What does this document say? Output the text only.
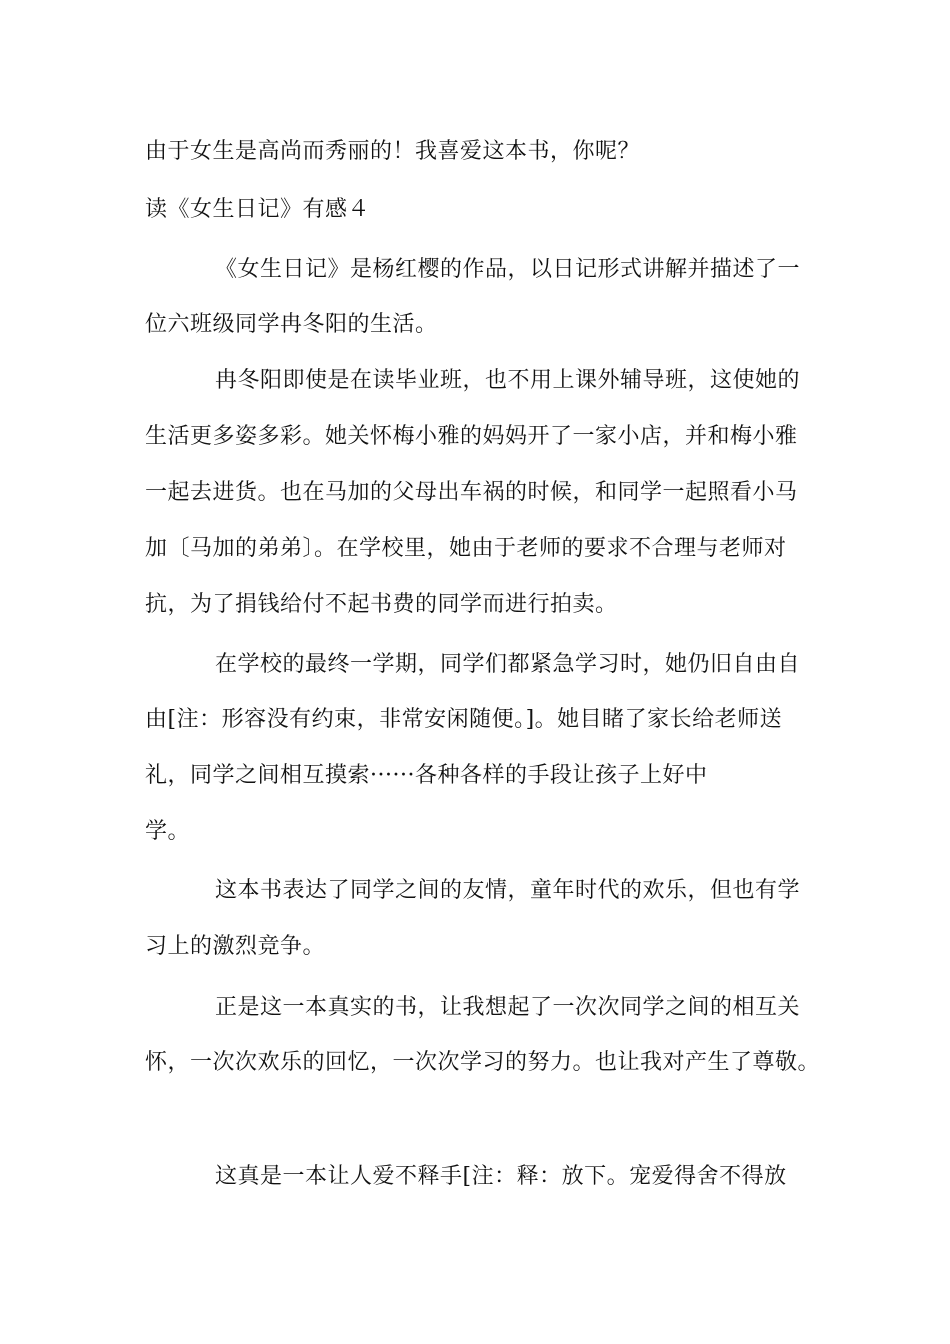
由于女生是高尚而秀丽的！我喜爱这本书，你呢？
读《女生日记》有感４
《女生日记》是杨红樱的作品，以日记形式讲解并描述了一
位六班级同学冉冬阳的生活。
冉冬阳即使是在读毕业班，也不用上课外辅导班，这使她的
生活更多姿多彩。她关怀梅小雅的妈妈开了一家小店，并和梅小雅
一起去进货。也在马加的父母出车祸的时候，和同学一起照看小马
加〔马加的弟弟〕。在学校里，她由于老师的要求不合理与老师对
抗，为了捐钱给付不起书费的同学而进行拍卖。
在学校的最终一学期，同学们都紧急学习时，她仍旧自由自
由[注：形容没有约束，非常安闲随便。]。她目睹了家长给老师送
礼，同学之间相互摸索······各种各样的手段让孩子上好中
学。
这本书表达了同学之间的友情，童年时代的欢乐，但也有学
习上的激烈竞争。
正是这一本真实的书，让我想起了一次次同学之间的相互关
怀，一次次欢乐的回忆，一次次学习的努力。也让我对产生了尊敬。
这真是一本让人爱不释手[注：释：放下。宠爱得舍不得放
